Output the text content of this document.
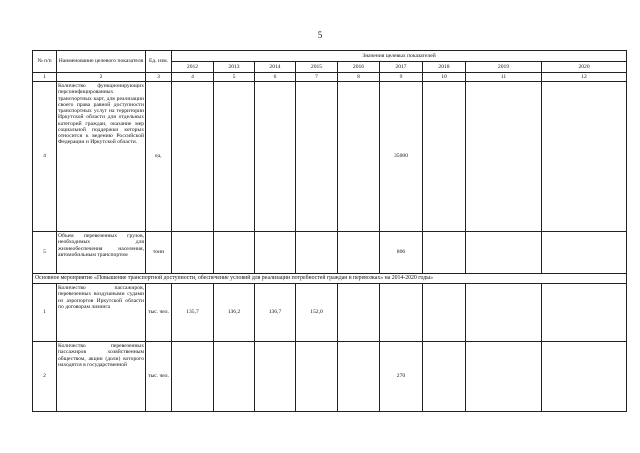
5
№ п/п	Наименование целевого показателя	Ед. изм.	Значения целевых показателей								
			2012	2013	2014	2015	2016	2017	2018	2019	2020
1	2	3	4	5	6	7	8	9	10	11	12
4	Количество функционирующих персонифицированных транспортных карт, для реализации своего права равной доступности транспортных услуг на территории Иркутской области для отдельных категорий граждан, оказание мер социальной поддержки которых относится к ведению Российской Федерации и Иркутской области.	ед.						35000			
5	Объем перевезенных грузов, необходимых для жизнеобеспечения населения, автомобильным транспортом	тонн						806			
Основное мероприятие «Повышение транспортной доступности, обеспечение условий для реализации потребностей граждан в перевозках» на 2014-2020 годы»											
1	Количество пассажиров, перевезенных воздушными судами из аэропортов Иркутской области по договорам лизинга	тыс. чел.	135,7	136,2	136,7	152,0					
2	Количество перевезенных пассажиров хозяйственным обществом, акции (доли) которого находятся в государственной	тыс. чел.						270			
